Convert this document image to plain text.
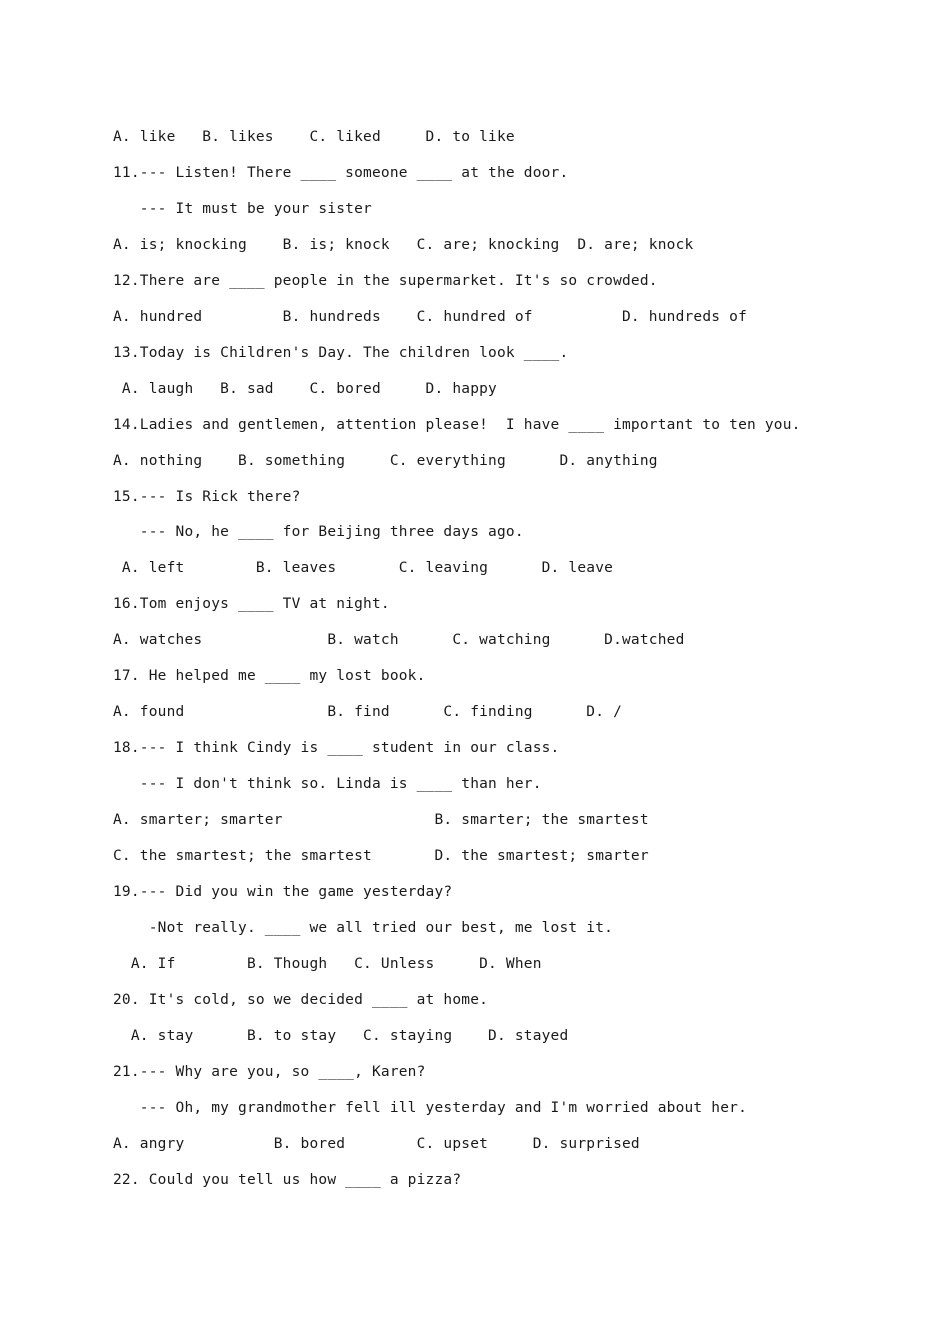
A. like   B. likes    C. liked     D. to like
11.--- Listen! There ____ someone ____ at the door.
--- It must be your sister
A. is; knocking    B. is; knock   C. are; knocking  D. are; knock
12.There are ____ people in the supermarket. It's so crowded.
A. hundred         B. hundreds    C. hundred of          D. hundreds of
13.Today is Children's Day. The children look ____.
A. laugh   B. sad    C. bored     D. happy
14.Ladies and gentlemen, attention please!  I have ____ important to ten you.
A. nothing    B. something     C. everything      D. anything
15.--- Is Rick there?
--- No, he ____ for Beijing three days ago.
A. left        B. leaves       C. leaving      D. leave
16.Tom enjoys ____ TV at night.
A. watches              B. watch      C. watching      D.watched
17. He helped me ____ my lost book.
A. found                B. find      C. finding      D. /
18.--- I think Cindy is ____ student in our class.
--- I don't think so. Linda is ____ than her.
A. smarter; smarter                 B. smarter; the smartest
C. the smartest; the smartest       D. the smartest; smarter
19.--- Did you win the game yesterday?
-Not really. ____ we all tried our best, me lost it.
A. If        B. Though   C. Unless     D. When
20. It's cold, so we decided ____ at home.
A. stay      B. to stay   C. staying    D. stayed
21.--- Why are you, so ____, Karen?
--- Oh, my grandmother fell ill yesterday and I'm worried about her.
A. angry          B. bored        C. upset     D. surprised
22. Could you tell us how ____ a pizza?
